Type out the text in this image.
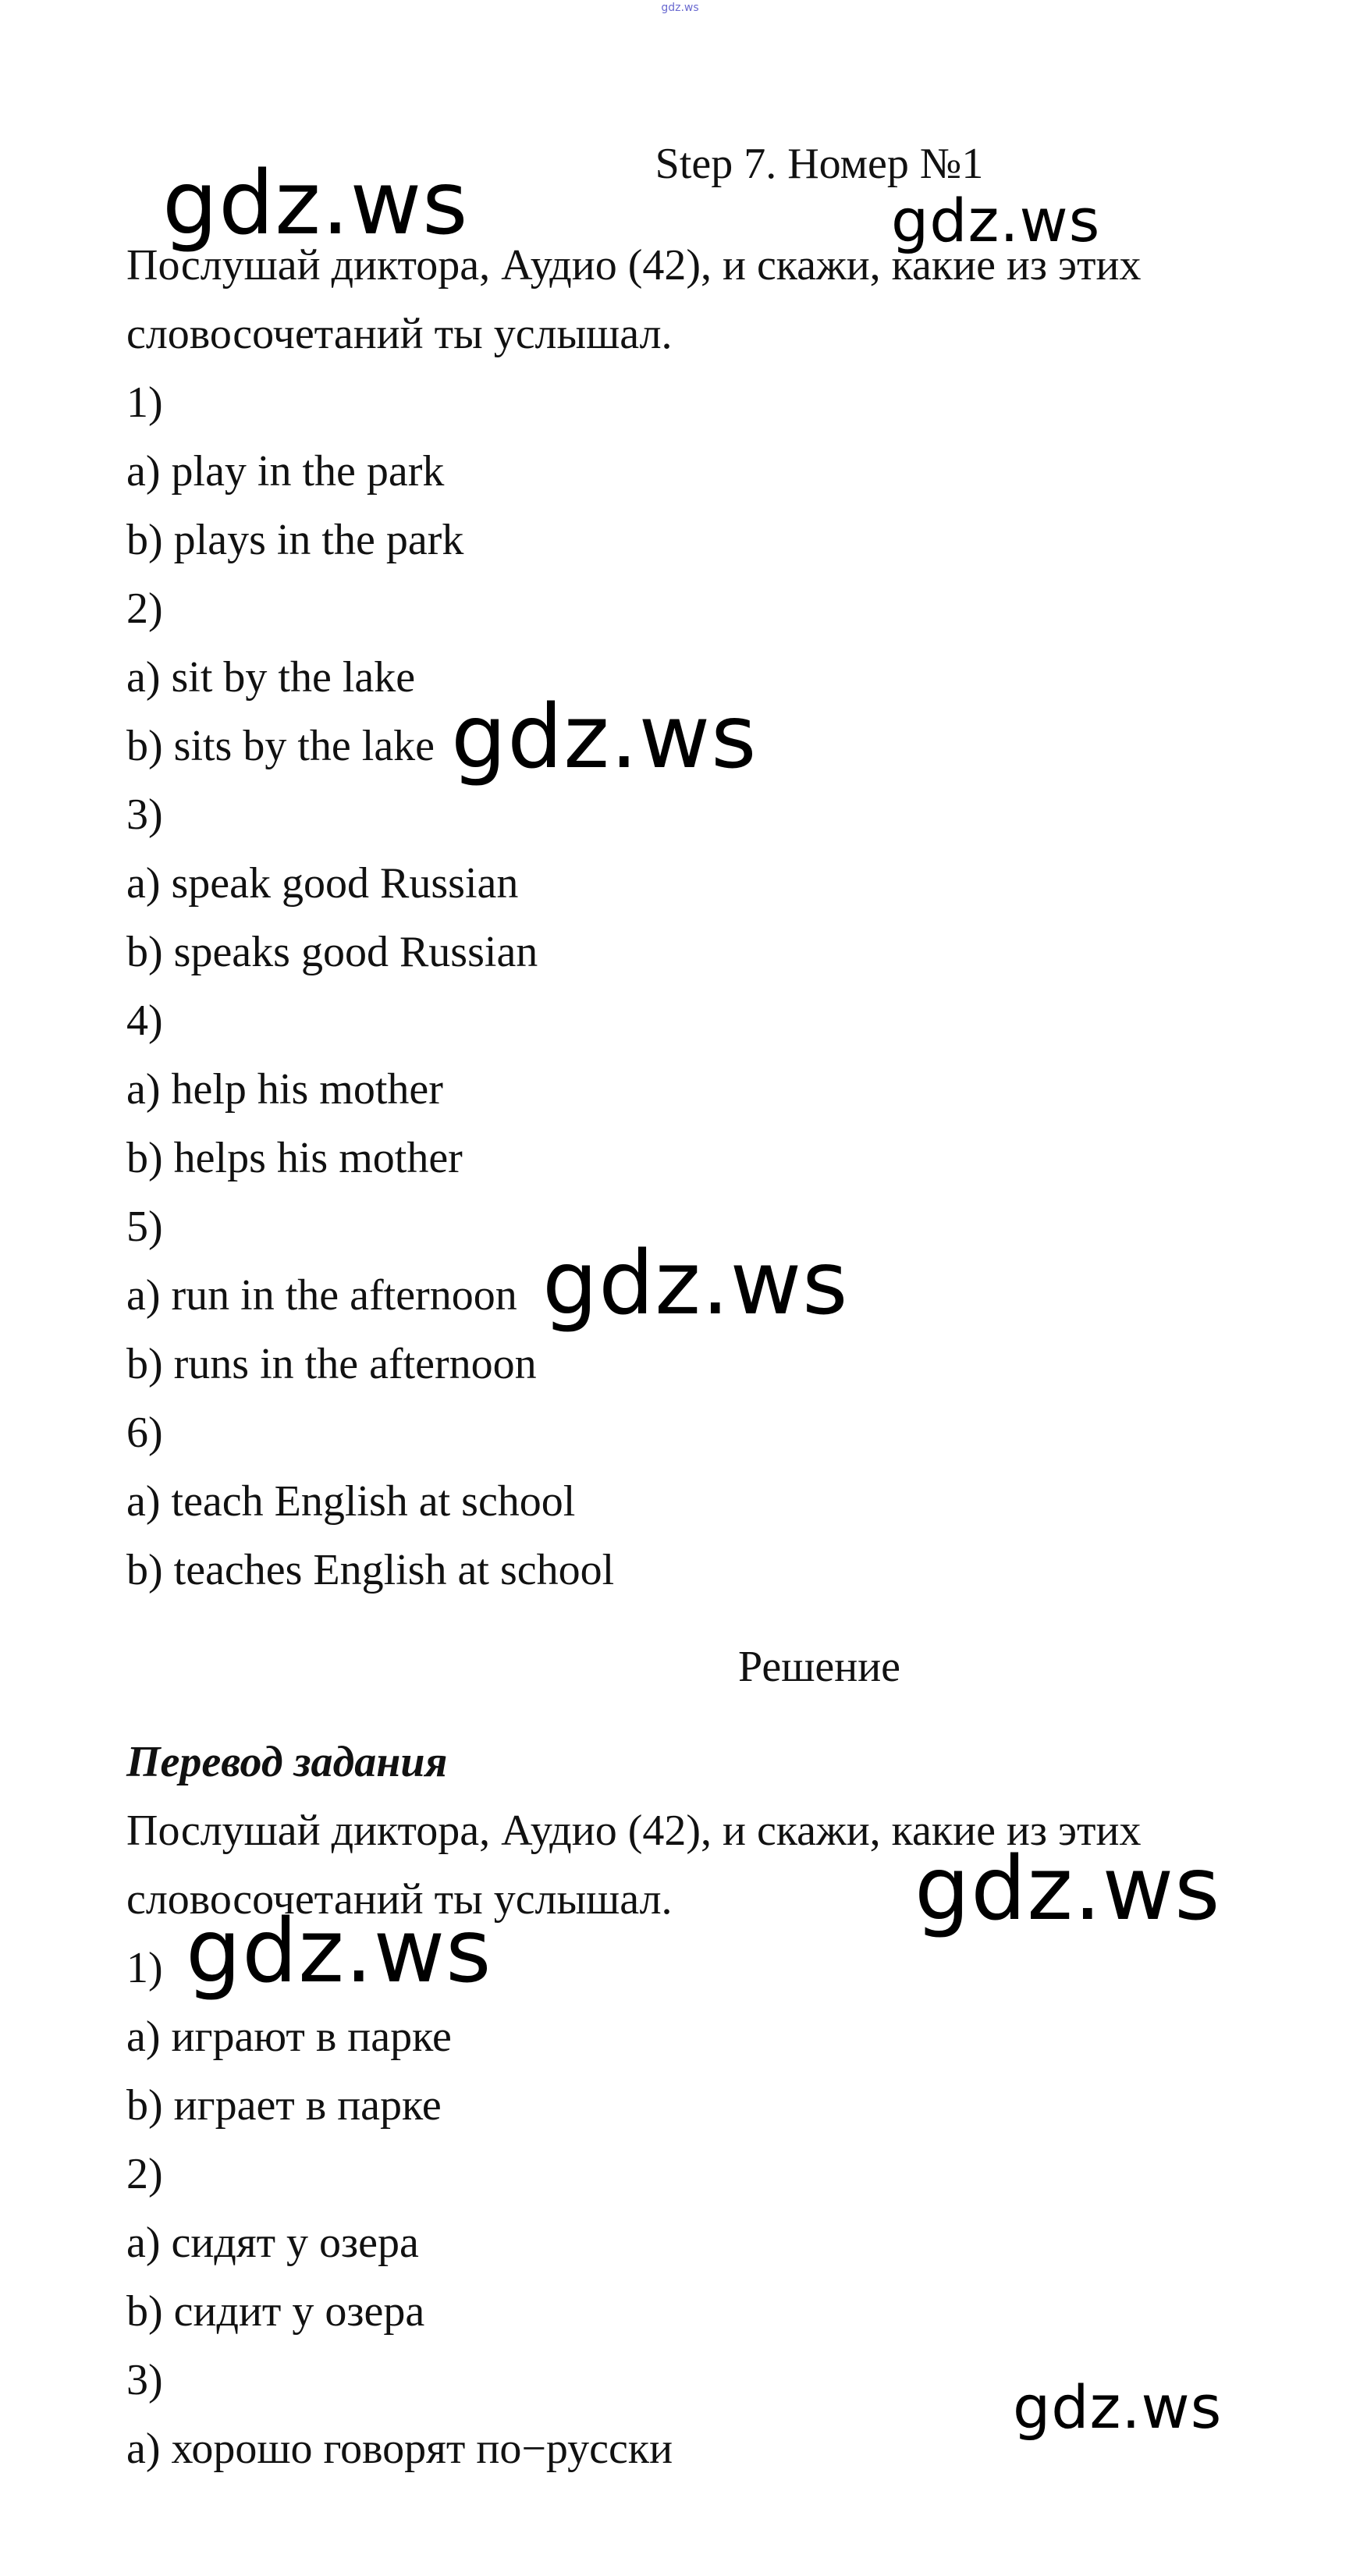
gdz.ws
Step 7. Номер №1
Послушай диктора, Аудио (42), и скажи, какие из этих
словосочетаний ты услышал.
1)
a) play in the park
b) plays in the park
2)
a) sit by the lake
b) sits by the lake
3)
a) speak good Russian
b) speaks good Russian
4)
a) help his mother
b) helps his mother
5)
a) run in the afternoon
b) runs in the afternoon
6)
a) teach English at school
b) teaches English at school
Решение
Перевод задания
Послушай диктора, Аудио (42), и скажи, какие из этих
словосочетаний ты услышал.
1)
a) играют в парке
b) играет в парке
2)
a) сидят у озера
b) сидит у озера
3)
a) хорошо говорят по−русски
gdz.ws	gdz.ws
gdz.ws
gdz.ws
gdz.ws
gdz.ws
gdz.ws
